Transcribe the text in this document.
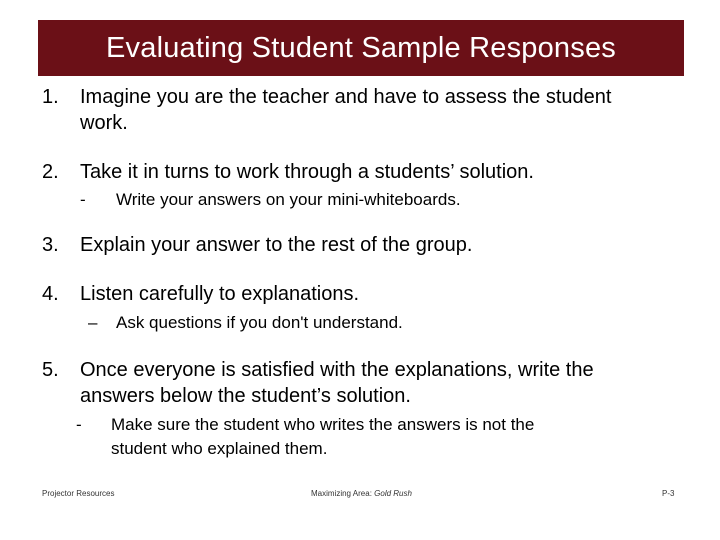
Evaluating Student Sample Responses
1.	Imagine you are the teacher and have to assess the student
work.
2.	Take it in turns to work through a students’ solution.
- Write your answers on your mini-whiteboards.
3.	Explain your answer to the rest of the group.
4.	Listen carefully to explanations.
– Ask questions if you don't understand.
5.	Once everyone is satisfied with the explanations, write the
answers below the student’s solution.
- Make sure the student who writes the answers is not the
student who explained them.
Projector Resources	Maximizing Area: Gold Rush	P-3
